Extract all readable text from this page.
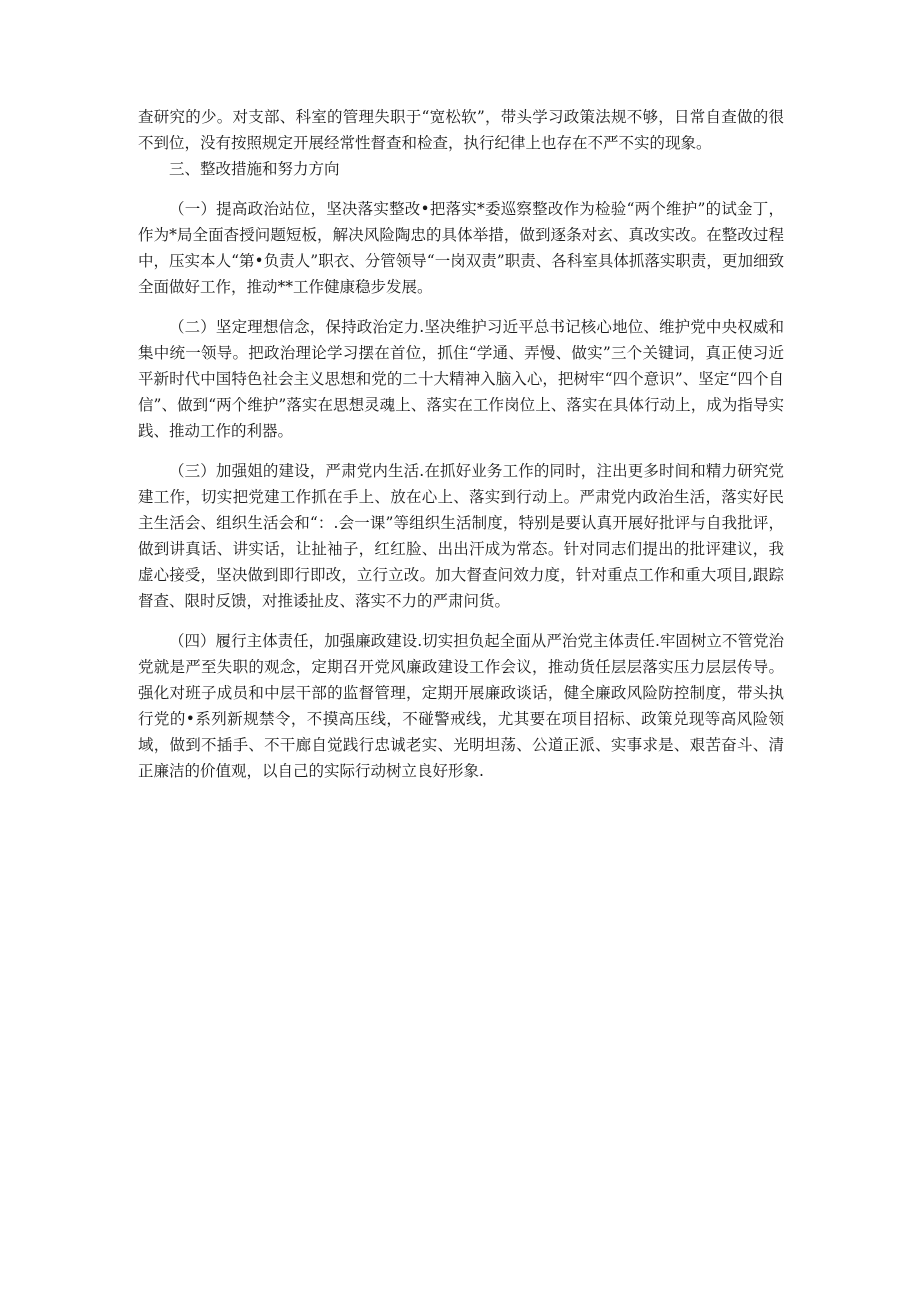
查研究的少。对支部、科室的管理失职于“宽松软”，带头学习政策法规不够，日常自查做的很不到位，没有按照规定开展经常性督查和检查，执行纪律上也存在不严不实的现象。

三、整改措施和努力方向

（一）提高政治站位，坚决落实整改•把落实*委巡察整改作为检验“两个维护”的试金丁，作为*局全面杳授问题短板，解决风险陶忠的具体举措，做到逐条对玄、真改实改。在整改过程中，压实本人“第•负责人”职衣、分管领导“一岗双责”职责、各科室具体抓落实职责，更加细致全面做好工作，推动**工作健康稳步发展。

（二）坚定理想信念，保持政治定力.坚决维护习近平总书记核心地位、维护党中央权威和集中统一领导。把政治理论学习摆在首位，抓住“学通、弄慢、做实”三个关键词，真正使习近平新时代中国特色社会主义思想和党的二十大精神入脑入心，把树牢“四个意识”、坚定“四个自信”、做到“两个维护”落实在思想灵魂上、落实在工作岗位上、落实在具体行动上，成为指导实践、推动工作的利器。

（三）加强姐的建设，严肃党内生活.在抓好业务工作的同时，注出更多时间和精力研究党建工作，切实把党建工作抓在手上、放在心上、落实到行动上。严肃党内政治生活，落实好民主生活会、组织生活会和“：.会一课”等组织生活制度，特别是要认真开展好批评与自我批评，做到讲真话、讲实话，让扯袖子，红红脸、出出汗成为常态。针对同志们提出的批评建议，我虚心接受，坚决做到即行即改，立行立改。加大督查问效力度，针对重点工作和重大项目,跟踪督查、限时反馈，对推诿扯皮、落实不力的严肃问货。

（四）履行主体责任，加强廉政建设.切实担负起全面从严治党主体责任.牢固树立不管党治党就是严至失职的观念，定期召开党风廉政建设工作会议，推动货任层层落实压力层层传导。强化对班子成员和中层干部的监督管理，定期开展廉政谈话，健全廉政风险防控制度，带头执行党的•系列新规禁令，不摸高压线，不碰警戒线，尤其要在项目招标、政策兑现等高风险领域，做到不插手、不干廊自觉践行忠诚老实、光明坦荡、公道正派、实事求是、艰苦奋斗、清正廉洁的价值观，以自己的实际行动树立良好形象.
